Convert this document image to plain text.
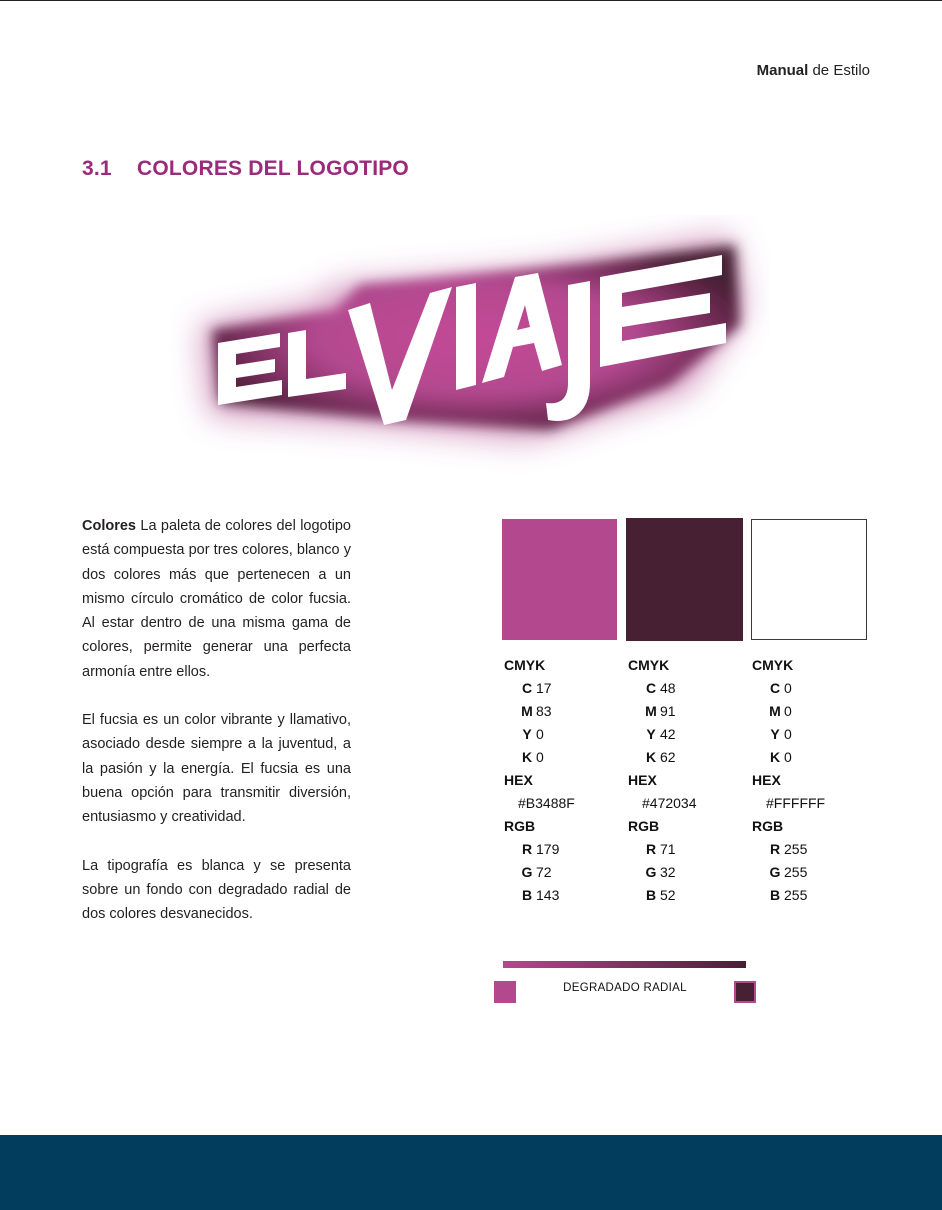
Manual de Estilo
3.1 COLORES DEL LOGOTIPO

Colores La paleta de colores del logotipo está compuesta por tres colores, blanco y dos colores más que pertenecen a un mismo círculo cromático de color fucsia. Al estar dentro de una misma gama de colores, permite generar una perfecta armonía entre ellos.

El fucsia es un color vibrante y llamativo, asociado desde siempre a la juventud, a la pasión y la energía. El fucsia es una buena opción para transmitir diversión, entusiasmo y creatividad.

La tipografía es blanca y se presenta sobre un fondo con degradado radial de dos colores desvanecidos.

CMYK
C 17
M 83
Y 0
K 0
HEX
#B3488F
RGB
R 179
G 72
B 143
CMYK
C 48
M 91
Y 42
K 62
HEX
#472034
RGB
R 71
G 32
B 52
CMYK
C 0
M 0
Y 0
K 0
HEX
#FFFFFF
RGB
R 255
G 255
B 255
DEGRADADO RADIAL
